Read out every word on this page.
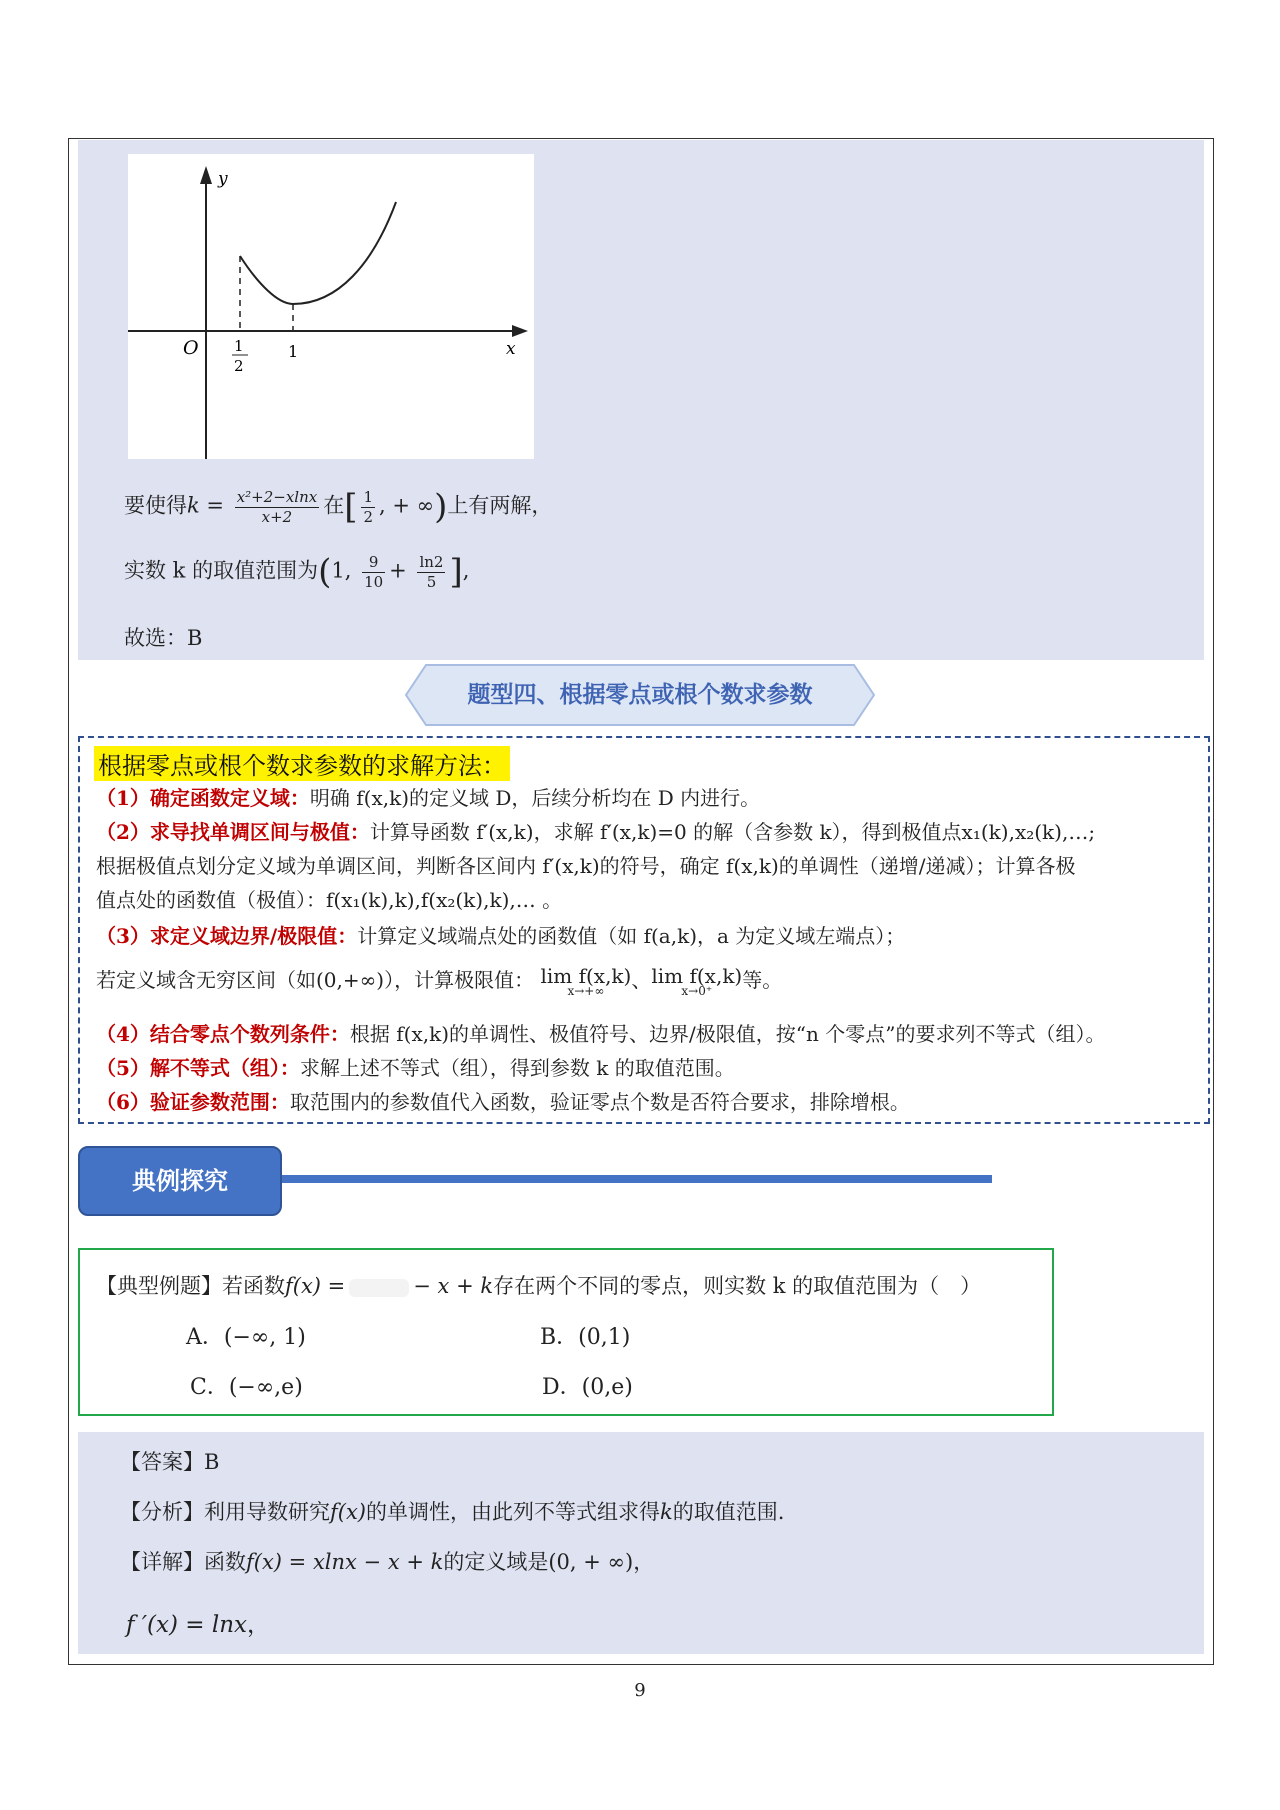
y
x
O 1
2
1
要使得$k = \frac{\text{x²+2−xlnx}}{x+2}$ 在[ $\frac{1}{2}$ , + ∞)上有两解，
实数 k 的取值范围为(1, $\frac{9}{10} + \frac{\ln 2}{5}$ ],
故选：B
题型四、根据零点或根个数求参数
根据零点或根个数求参数的求解方法：
（1）确定函数定义域：明确 f(x,k)的定义域 D，后续分析均在 D 内进行。
（2）求导找单调区间与极值：计算导函数 f′(x,k)，求解 f′(x,k)=0 的解（含参数 k），得到极值点x₁(k),x₂(k),…;
根据极值点划分定义域为单调区间，判断各区间内 f′(x,k)的符号，确定 f(x,k)的单调性（递增/递减）；计算各极
值点处的函数值（极值）：f(x₁(k),k),f(x₂(k),k),… 。
（3）求定义域边界/极限值：计算定义域端点处的函数值（如 f(a,k)，a 为定义域左端点）；
若定义域含无穷区间（如(0,+∞)），计算极限值： lim f(x,k)
x→+∞	、 lim f(x,k)
x→0⁺	等。
（4）结合零点个数列条件：根据 f(x,k)的单调性、极值符号、边界/极限值，按“n 个零点”的要求列不等式（组）。
（5）解不等式（组）：求解上述不等式（组），得到参数 k 的取值范围。
（6）验证参数范围：取范围内的参数值代入函数，验证零点个数是否符合要求，排除增根。
典例探究
【典型例题】若函数f(x) =	− x + k存在两个不同的零点，则实数 k 的取值范围为（　）
A．(−∞, 1)	B．(0,1)
C．(−∞,e)	D．(0,e)
【答案】B
【分析】利用导数研究f(x)的单调性，由此列不等式组求得k的取值范围.
【详解】函数f(x) = xlnx − x + k的定义域是(0, + ∞)，
f ′(x) = lnx，
9
